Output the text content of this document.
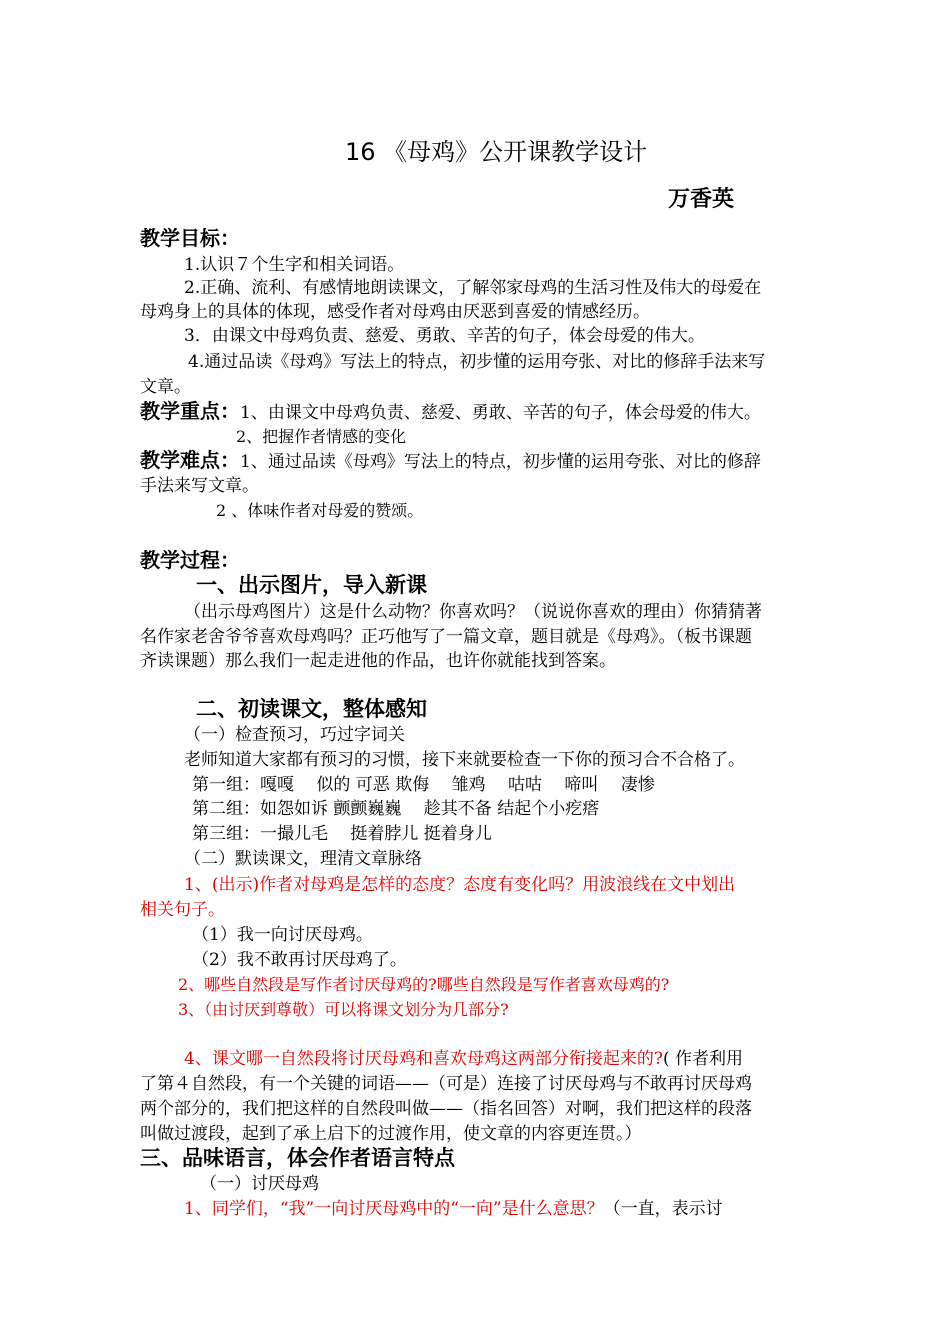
16 《母鸡》公开课教学设计
万香英
教学目标：
1.认识７个生字和相关词语。
2.正确、流利、有感情地朗读课文，了解邻家母鸡的生活习性及伟大的母爱在
母鸡身上的具体的体现，感受作者对母鸡由厌恶到喜爱的情感经历。
3．由课文中母鸡负责、慈爱、勇敢、辛苦的句子，体会母爱的伟大。
4.通过品读《母鸡》写法上的特点，初步懂的运用夸张、对比的修辞手法来写
文章。
教学重点：1、由课文中母鸡负责、慈爱、勇敢、辛苦的句子，体会母爱的伟大。
2、把握作者情感的变化
教学难点：1、通过品读《母鸡》写法上的特点，初步懂的运用夸张、对比的修辞
手法来写文章。
2 、体味作者对母爱的赞颂。
教学过程：
一、出示图片，导入新课
（出示母鸡图片）这是什么动物？你喜欢吗？（说说你喜欢的理由）你猜猜著
名作家老舍爷爷喜欢母鸡吗？正巧他写了一篇文章，题目就是《母鸡》。（板书课题
齐读课题）那么我们一起走进他的作品，也许你就能找到答案。
二、初读课文，整体感知
（一）检查预习，巧过字词关
老师知道大家都有预习的习惯，接下来就要检查一下你的预习合不合格了。
第一组：嘎嘎　 似的 可恶 欺侮　 雏鸡　 咕咕　 啼叫　 凄惨
第二组：如怨如诉 颤颤巍巍　 趁其不备 结起个小疙瘩
第三组：一撮儿毛　 挺着脖儿 挺着身儿
（二）默读课文，理清文章脉络
1、(出示)作者对母鸡是怎样的态度？态度有变化吗？用波浪线在文中划出
相关句子。
（1）我一向讨厌母鸡。
（2）我不敢再讨厌母鸡了。
2、哪些自然段是写作者讨厌母鸡的?哪些自然段是写作者喜欢母鸡的?
3、（由讨厌到尊敬）可以将课文划分为几部分?
4、课文哪一自然段将讨厌母鸡和喜欢母鸡这两部分衔接起来的?( 作者利用
了第４自然段，有一个关键的词语——（可是）连接了讨厌母鸡与不敢再讨厌母鸡
两个部分的，我们把这样的自然段叫做——（指名回答）对啊，我们把这样的段落
叫做过渡段，起到了承上启下的过渡作用，使文章的内容更连贯。）
三、品味语言，体会作者语言特点
（一）讨厌母鸡
1、同学们，“我”一向讨厌母鸡中的“一向”是什么意思？（一直，表示讨
